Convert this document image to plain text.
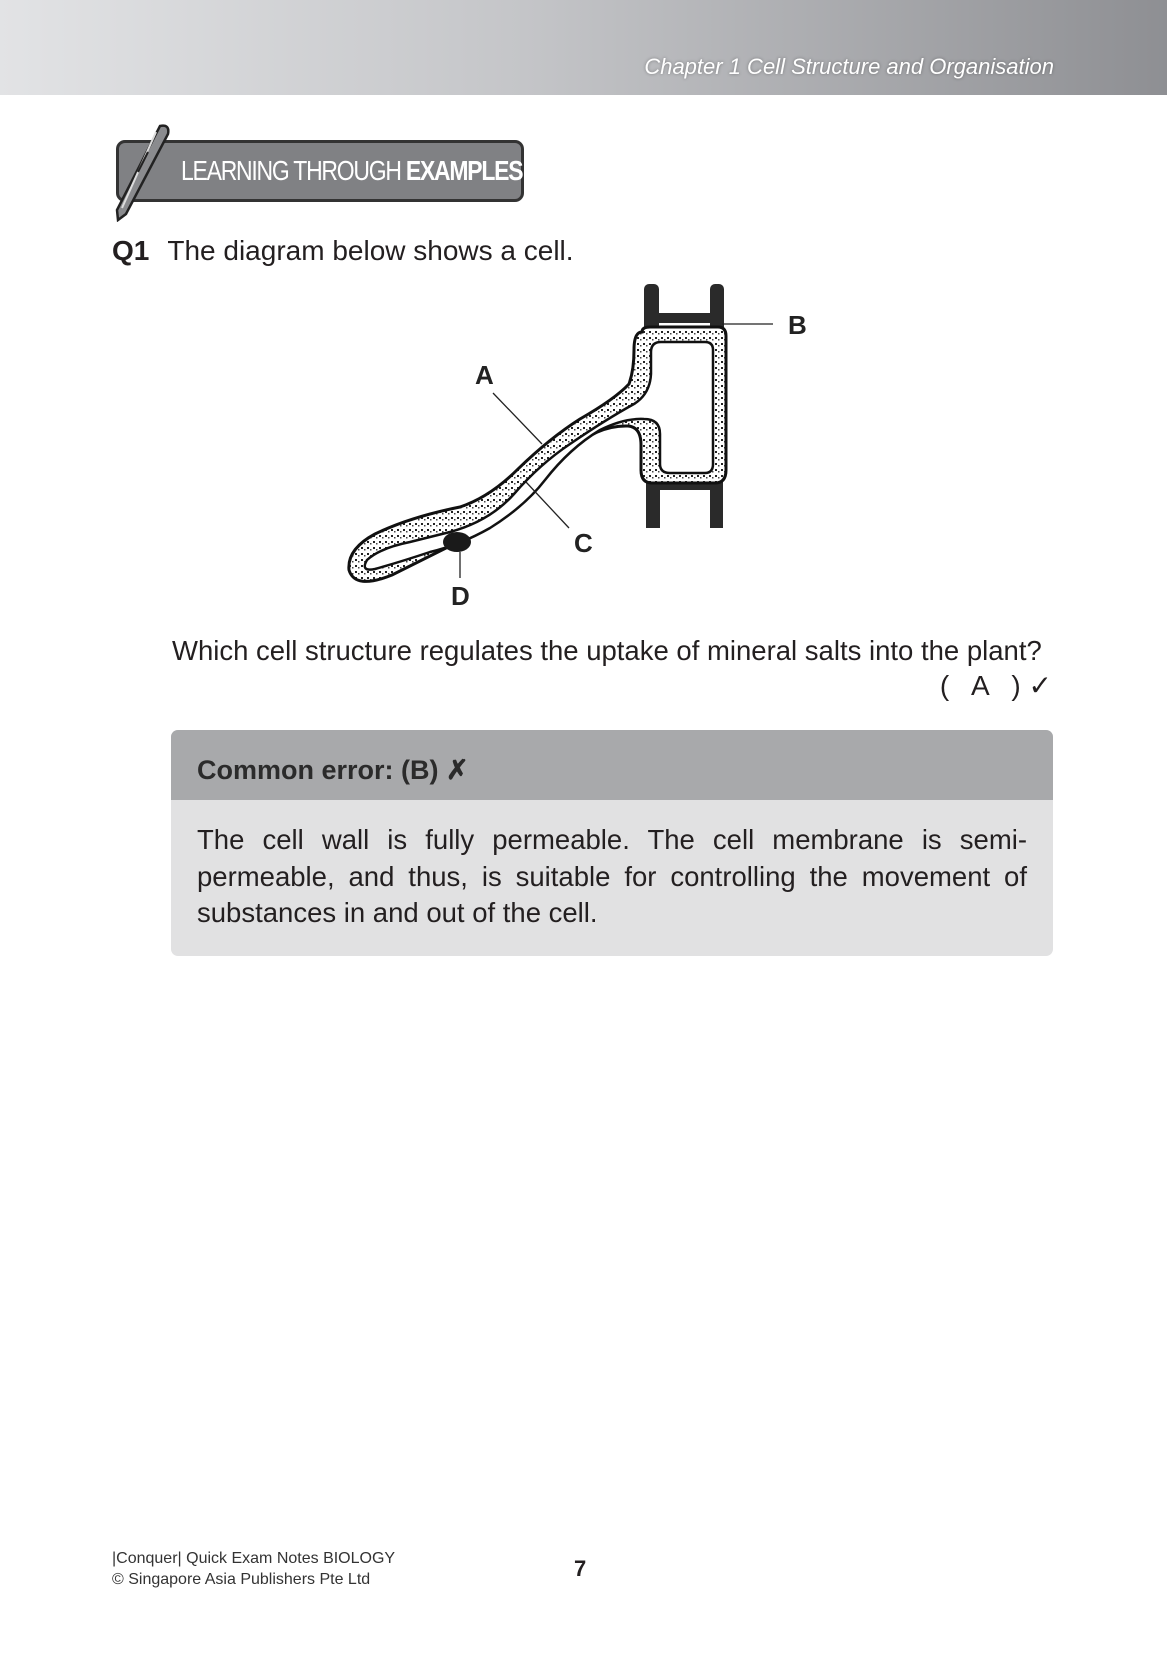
Chapter 1 Cell Structure and Organisation
LEARNING THROUGH EXAMPLES
Q1 The diagram below shows a cell.
A
B
C
D
Which cell structure regulates the uptake of mineral salts into the plant?
(   A   ) ✓
Common error: (B) ✗
The cell wall is fully permeable. The cell membrane is semi-permeable, and thus, is suitable for controlling the movement of substances in and out of the cell.
|Conquer| Quick Exam Notes BIOLOGY
© Singapore Asia Publishers Pte Ltd	7
